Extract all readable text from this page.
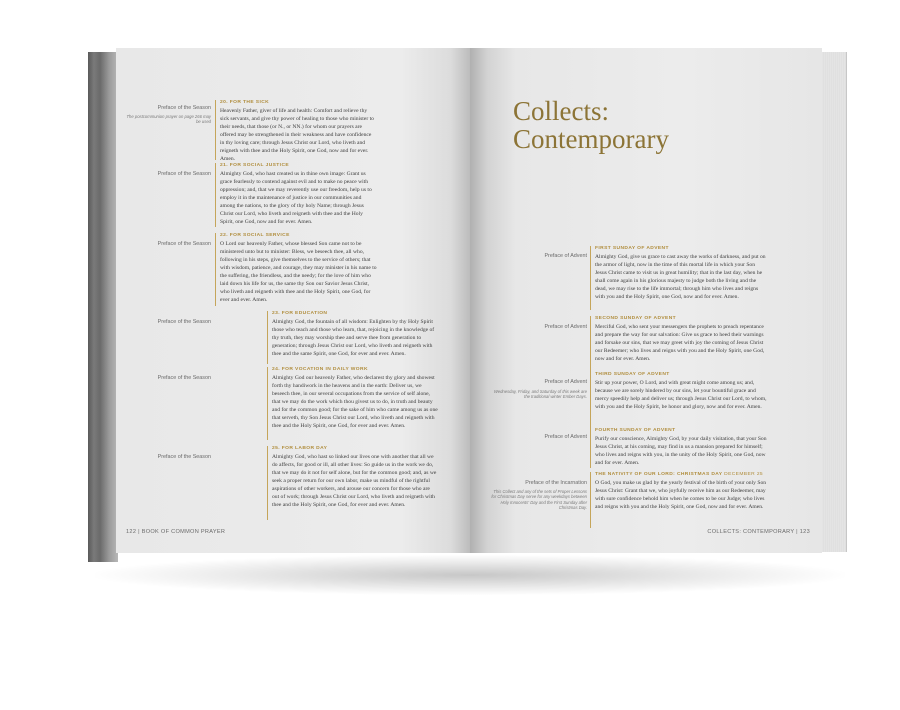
Preface of the Season
The postcommunion prayer on page 266 may be used
20. FOR THE SICK
Heavenly Father, giver of life and health: Comfort and relieve thy sick servants, and give thy power of healing to those who minister to their needs, that those (or N., or NN.) for whom our prayers are offered may be strengthened in their weakness and have confidence in thy loving care; through Jesus Christ our Lord, who liveth and reigneth with thee and the Holy Spirit, one God, now and for ever. Amen.
Preface of the Season
21. FOR SOCIAL JUSTICE
Almighty God, who hast created us in thine own image: Grant us grace fearlessly to contend against evil and to make no peace with oppression; and, that we may reverently use our freedom, help us to employ it in the maintenance of justice in our communities and among the nations, to the glory of thy holy Name; through Jesus Christ our Lord, who liveth and reigneth with thee and the Holy Spirit, one God, now and for ever. Amen.
Preface of the Season
22. FOR SOCIAL SERVICE
O Lord our heavenly Father, whose blessed Son came not to be ministered unto but to minister: Bless, we beseech thee, all who, following in his steps, give themselves to the service of others; that with wisdom, patience, and courage, they may minister in his name to the suffering, the friendless, and the needy; for the love of him who laid down his life for us, the same thy Son our Savior Jesus Christ, who liveth and reigneth with thee and the Holy Spirit, one God, for ever and ever. Amen.
Preface of the Season
23. FOR EDUCATION
Almighty God, the fountain of all wisdom: Enlighten by thy Holy Spirit those who teach and those who learn, that, rejoicing in the knowledge of thy truth, they may worship thee and serve thee from generation to generation; through Jesus Christ our Lord, who liveth and reigneth with thee and the same Spirit, one God, for ever and ever. Amen.
Preface of the Season
24. FOR VOCATION IN DAILY WORK
Almighty God our heavenly Father, who declarest thy glory and showest forth thy handiwork in the heavens and in the earth: Deliver us, we beseech thee, in our several occupations from the service of self alone, that we may do the work which thou givest us to do, in truth and beauty and for the common good; for the sake of him who came among us as one that serveth, thy Son Jesus Christ our Lord, who liveth and reigneth with thee and the Holy Spirit, one God, for ever and ever. Amen.
Preface of the Season
25. FOR LABOR DAY
Almighty God, who hast so linked our lives one with another that all we do affects, for good or ill, all other lives: So guide us in the work we do, that we may do it not for self alone, but for the common good; and, as we seek a proper return for our own labor, make us mindful of the rightful aspirations of other workers, and arouse our concern for those who are out of work; through Jesus Christ our Lord, who liveth and reigneth with thee and the Holy Spirit, one God, for ever and ever. Amen.
122 | BOOK OF COMMON PRAYER
Collects:
Contemporary
Preface of Advent
FIRST SUNDAY OF ADVENT
Almighty God, give us grace to cast away the works of darkness, and put on the armor of light, now in the time of this mortal life in which your Son Jesus Christ came to visit us in great humility; that in the last day, when he shall come again in his glorious majesty to judge both the living and the dead, we may rise to the life immortal; through him who lives and reigns with you and the Holy Spirit, one God, now and for ever. Amen.
Preface of Advent
SECOND SUNDAY OF ADVENT
Merciful God, who sent your messengers the prophets to preach repentance and prepare the way for our salvation: Give us grace to heed their warnings and forsake our sins, that we may greet with joy the coming of Jesus Christ our Redeemer; who lives and reigns with you and the Holy Spirit, one God, now and for ever. Amen.
Preface of Advent
Wednesday, Friday, and Saturday of this week are the traditional winter Ember Days.
THIRD SUNDAY OF ADVENT
Stir up your power, O Lord, and with great might come among us; and, because we are sorely hindered by our sins, let your bountiful grace and mercy speedily help and deliver us; through Jesus Christ our Lord, to whom, with you and the Holy Spirit, be honor and glory, now and for ever. Amen.
Preface of Advent
FOURTH SUNDAY OF ADVENT
Purify our conscience, Almighty God, by your daily visitation, that your Son Jesus Christ, at his coming, may find in us a mansion prepared for himself; who lives and reigns with you, in the unity of the Holy Spirit, one God, now and for ever. Amen.
Preface of the Incarnation
This Collect and any of the sets of Proper Lessons for Christmas Day serve for any weekdays between Holy Innocents' Day and the First Sunday after Christmas Day.
THE NATIVITY OF OUR LORD: CHRISTMAS DAY DECEMBER 25
O God, you make us glad by the yearly festival of the birth of your only Son Jesus Christ: Grant that we, who joyfully receive him as our Redeemer, may with sure confidence behold him when he comes to be our Judge; who lives and reigns with you and the Holy Spirit, one God, now and for ever. Amen.
COLLECTS: CONTEMPORARY | 123
